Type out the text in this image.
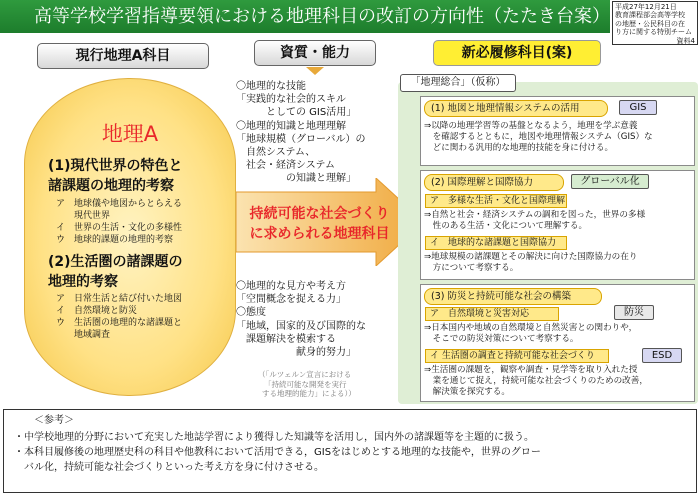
高等学校学習指導要領における地理科目の改訂の方向性（たたき台案） 平成27年12月21日
教育課程部会高等学校
の地歴・公民科目の在
り方に関する特別チーム
資料4
現行地理A科目	資質・能力	新必履修科目(案)
地理A
(1)現代世界の特色と
諸課題の地理的考察
ア　地球儀や地図からとらえる
　　現代世界
イ　世界の生活・文化の多様性
ウ　地球的課題の地理的考察
(2)生活圏の諸課題の
地理的考察
ア　日常生活と結び付いた地図
イ　自然環境と防災
ウ　生活圏の地理的な諸課題と
　　地域調査
〇地理的な技能
「実践的な社会的スキル
　　　としての GIS活用」
〇地理的知識と地理理解
「地球規模（グローバル）の
　自然システム、
　社会・経済システム
　　　　　の知識と理解」
持続可能な社会づくり
に求められる地理科目
〇地理的な見方や考え方
「空間概念を捉える力」
〇態度
「地域，国家的及び国際的な
　課題解決を模索する
　　　　　　献身的努力」
（「ルツェルン宣言における
「持続可能な開発を実行
する地理的能力」による））
「地理総合」（仮称）
(1) 地図と地理情報システムの活用	GIS
⇒以降の地理学習等の基盤となるよう，地理を学ぶ意義
　を確認するとともに，地図や地理情報システム（GIS）な
　どに関わる汎用的な地理的技能を身に付ける。
(2) 国際理解と国際協力	グローバル化
ア　多様な生活・文化と国際理解
⇒自然と社会・経済システムの調和を図った，世界の多様
　性のある生活・文化について理解する。
イ　地球的な諸課題と国際協力
⇒地球規模の諸課題とその解決に向けた国際協力の在り
　方について考察する。
(3) 防災と持続可能な社会の構築
ア　自然環境と災害対応	防災
⇒日本国内や地域の自然環境と自然災害との関わりや，
　そこでの防災対策について考察する。
イ 生活圏の調査と持続可能な社会づくり	ESD
⇒生活圏の課題を，観察や調査・見学等を取り入れた授
　業を通じて捉え，持続可能な社会づくりのための改善，
　解決策を探究する。
＜参考＞
・中学校地理的分野において充実した地誌学習により獲得した知識等を活用し，国内外の諸課題等を主題的に扱う。
・本科目履修後の地理歴史科の科目や他教科において活用できる，GISをはじめとする地理的な技能や，世界のグロー
　バル化，持続可能な社会づくりといった考え方を身に付けさせる。
